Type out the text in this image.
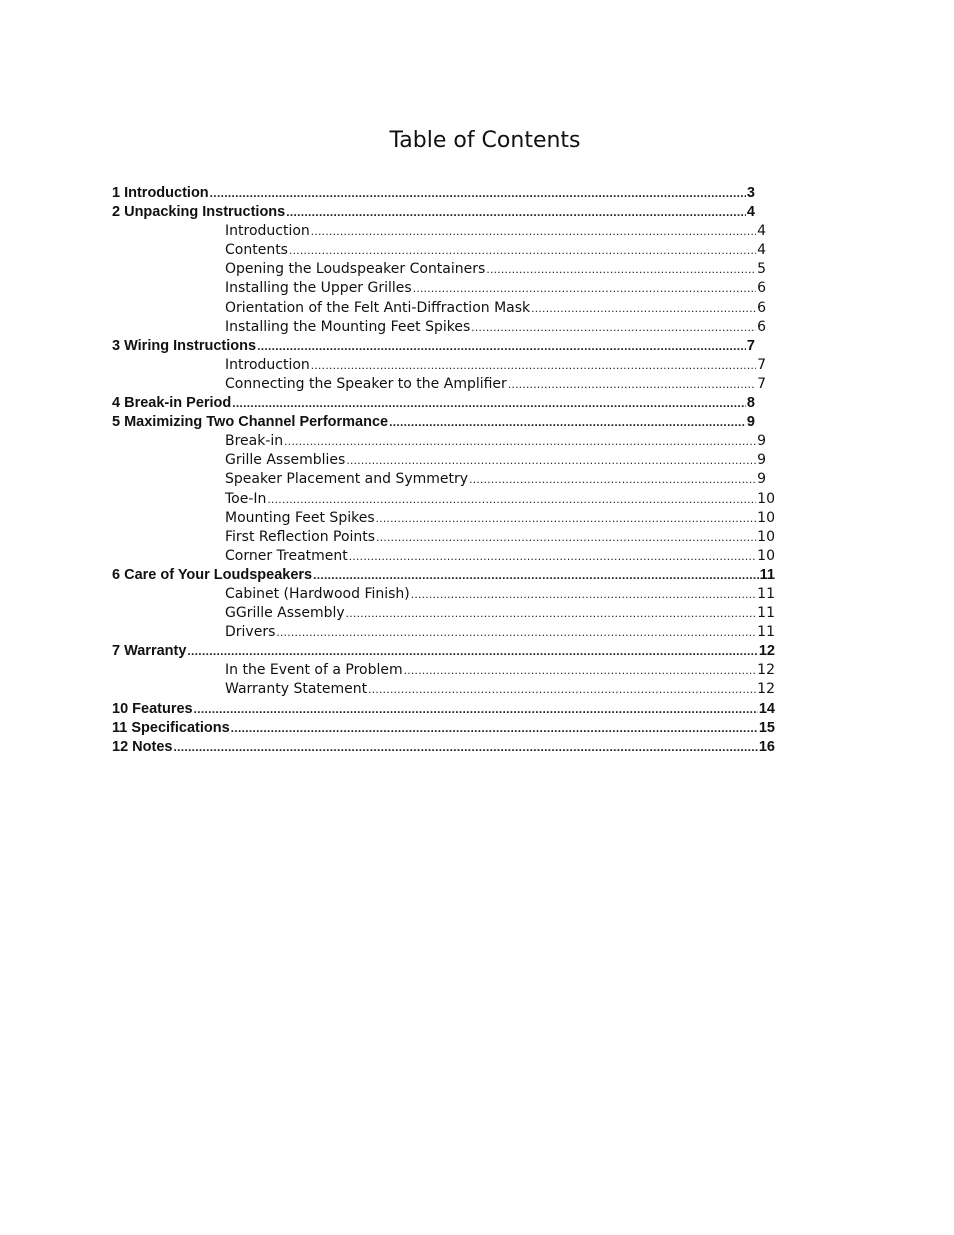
Table of Contents
1 Introduction .....	3
2 Unpacking Instructions .....	4
Introduction .....	4
Contents .....	4
Opening the Loudspeaker Containers .....	5
Installing the Upper Grilles .....	6
Orientation of the Felt Anti-Diffraction Mask .....	6
Installing the Mounting Feet Spikes .....	6
3 Wiring Instructions .....	7
Introduction .....	7
Connecting the Speaker to the Amplifier .....	7
4 Break-in Period .....	8
5 Maximizing Two Channel Performance .....	9
Break-in .....	9
Grille Assemblies .....	9
Speaker Placement and Symmetry .....	9
Toe-In .....	10
Mounting Feet Spikes .....	10
First Reflection Points .....	10
Corner Treatment .....	10
6 Care of Your Loudspeakers .....	11
Cabinet (Hardwood Finish) .....	11
GGrille Assembly .....	11
Drivers .....	11
7 Warranty .....	12
In the Event of a Problem .....	12
Warranty Statement .....	12
10 Features .....	14
11 Specifications .....	15
12 Notes .....	16
